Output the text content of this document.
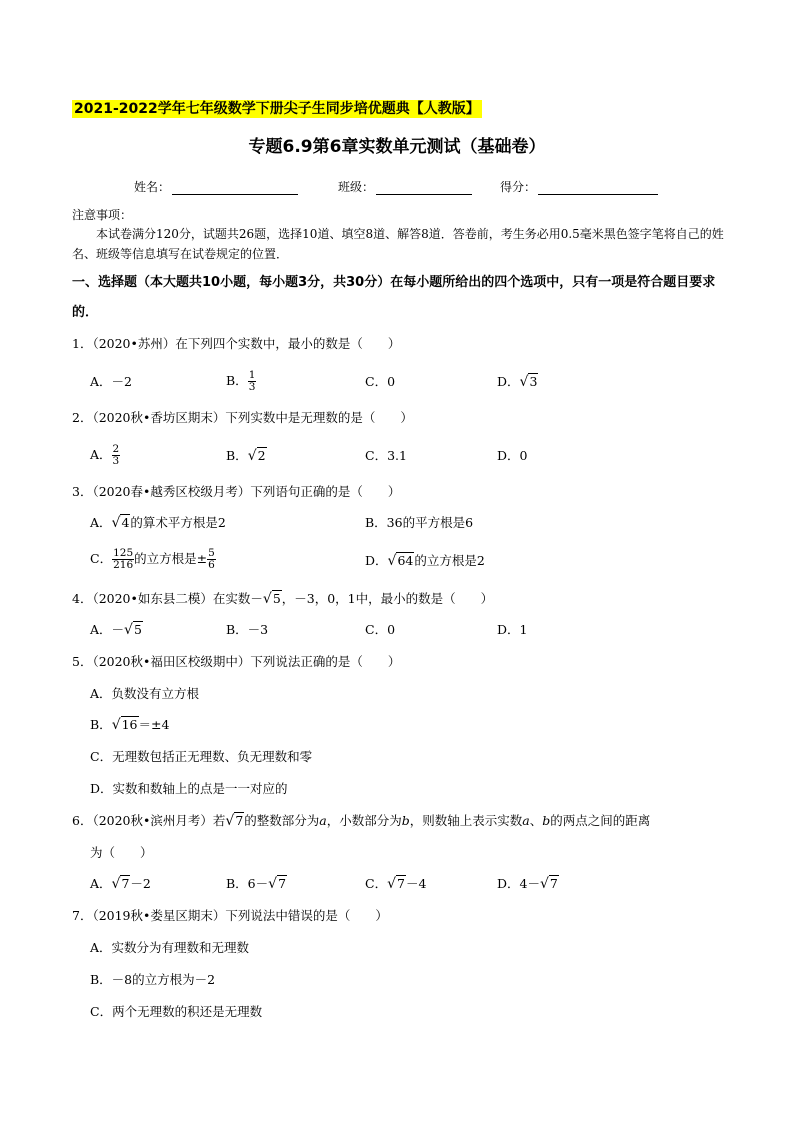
2021-2022学年七年级数学下册尖子生同步培优题典【人教版】
专题6.9第6章实数单元测试（基础卷）
姓名：	班级：	得分：
注意事项：
本试卷满分120分，试题共26题，选择10道、填空8道、解答8道．答卷前，考生务必用0.5毫米黑色签字笔将自己的姓名、班级等信息填写在试卷规定的位置．
一、选择题（本大题共10小题，每小题3分，共30分）在每小题所给出的四个选项中，只有一项是符合题目要求的．
1．（2020•苏州）在下列四个实数中，最小的数是（　　）
A．－2	B． $\frac{1}{3}$	C．0	D．√3
2．（2020秋•香坊区期末）下列实数中是无理数的是（　　）
A． $\frac{2}{3}$	B．√2	C．3.1	D．0
3．（2020春•越秀区校级月考）下列语句正确的是（　　）
A．√4的算术平方根是2	B．36的平方根是6
C． $\frac{125}{216}$ 的立方根是± $\frac{5}{6}$	D．√64的立方根是2
4．（2020•如东县二模）在实数－√5，－3，0，1中，最小的数是（　　）
A．－√5	B．－3	C．0	D．1
5．（2020秋•福田区校级期中）下列说法正确的是（　　）
A．负数没有立方根
B．√16＝±4
C．无理数包括正无理数、负无理数和零
D．实数和数轴上的点是一一对应的
6．（2020秋•滨州月考）若√7的整数部分为a，小数部分为b，则数轴上表示实数a、b的两点之间的距离
为（　　）
A．√7－2	B．6－√7	C．√7－4	D．4－√7
7．（2019秋•娄星区期末）下列说法中错误的是（　　）
A．实数分为有理数和无理数
B．－8的立方根为－2
C．两个无理数的积还是无理数
